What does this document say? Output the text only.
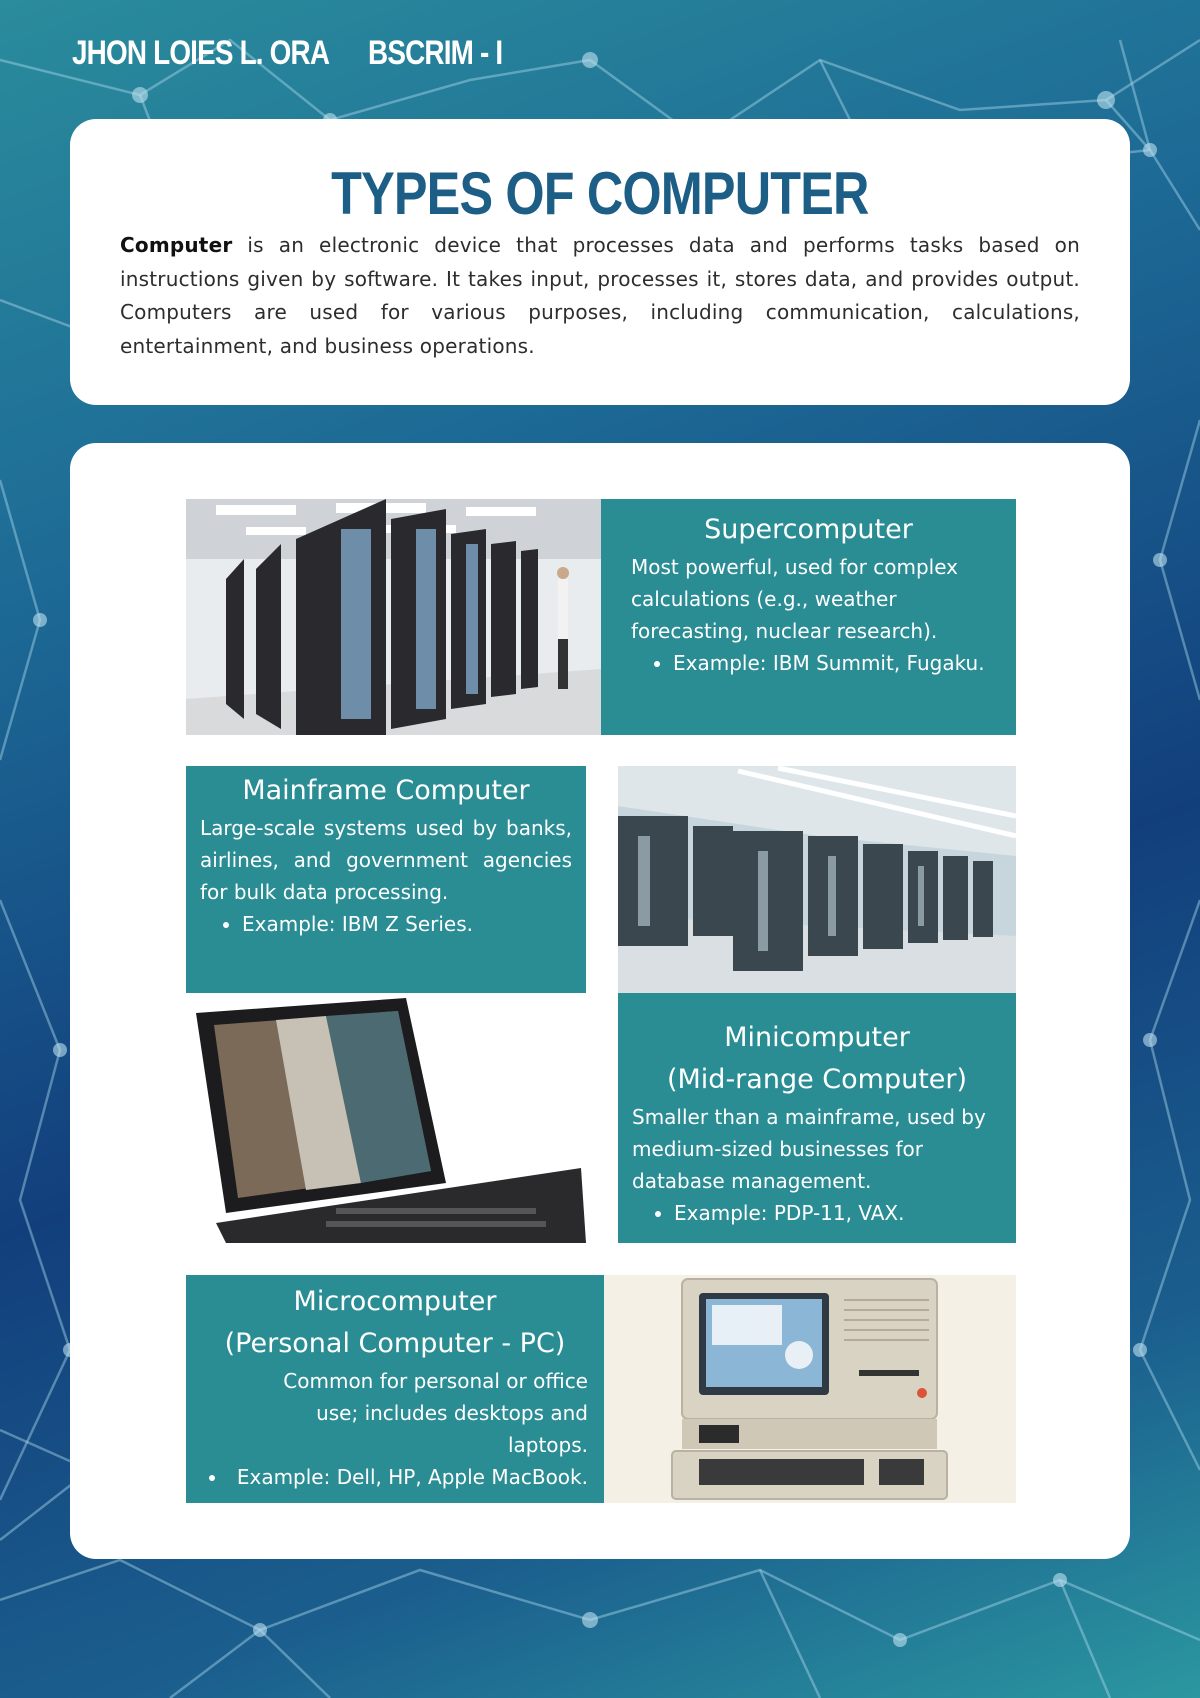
JHON LOIES L. ORA BSCRIM - I
TYPES OF COMPUTER

Computer is an electronic device that processes data and performs tasks based on instructions given by software. It takes input, processes it, stores data, and provides output. Computers are used for various purposes, including communication, calculations, entertainment, and business operations.

Supercomputer

Most powerful, used for complex calculations (e.g., weather forecasting, nuclear research).

• Example: IBM Summit, Fugaku.
Mainframe Computer

Large-scale systems used by banks, airlines, and government agencies for bulk data processing.

• Example: IBM Z Series.
Minicomputer
(Mid-range Computer)

Smaller than a mainframe, used by medium-sized businesses for database management.

• Example: PDP-11, VAX.
Microcomputer
(Personal Computer - PC)

Common for personal or office use; includes desktops and laptops.

• Example: Dell, HP, Apple MacBook.
